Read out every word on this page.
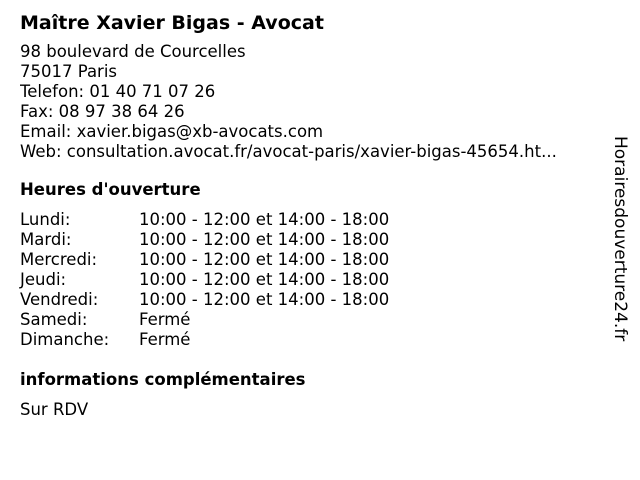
Maître Xavier Bigas - Avocat
98 boulevard de Courcelles
75017 Paris
Telefon: 01 40 71 07 26
Fax: 08 97 38 64 26
Email: xavier.bigas@xb-avocats.com
Web: consultation.avocat.fr/avocat-paris/xavier-bigas-45654.ht...
Heures d'ouverture
Lundi:	10:00 - 12:00 et 14:00 - 18:00
Mardi:	10:00 - 12:00 et 14:00 - 18:00
Mercredi:	10:00 - 12:00 et 14:00 - 18:00
Jeudi:	10:00 - 12:00 et 14:00 - 18:00
Vendredi:	10:00 - 12:00 et 14:00 - 18:00
Samedi:	Fermé
Dimanche:	Fermé
informations complémentaires
Sur RDV
Horairesdouverture24.fr
